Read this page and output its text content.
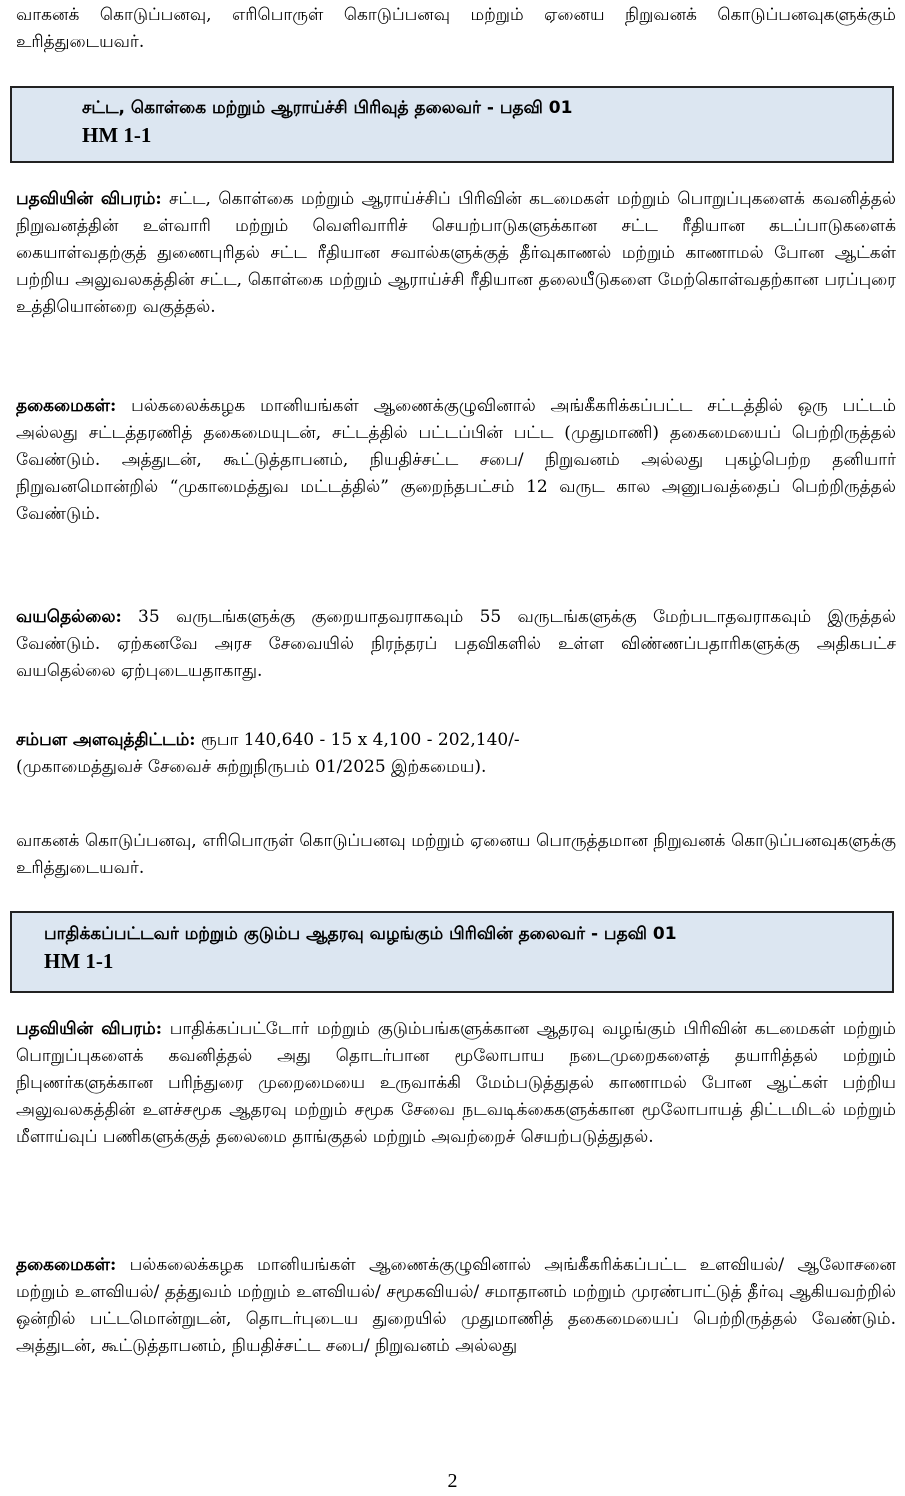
வாகனக் கொடுப்பனவு, எரிபொருள் கொடுப்பனவு மற்றும் ஏனைய நிறுவனக் கொடுப்பனவுகளுக்கும் உரித்துடையவர்.
சட்ட, கொள்கை மற்றும் ஆராய்ச்சி பிரிவுத் தலைவர் - பதவி 01
HM 1-1
பதவியின் விபரம்: சட்ட, கொள்கை மற்றும் ஆராய்ச்சிப் பிரிவின் கடமைகள் மற்றும் பொறுப்புகளைக் கவனித்தல் நிறுவனத்தின் உள்வாரி மற்றும் வெளிவாரிச் செயற்பாடுகளுக்கான சட்ட ரீதியான கடப்பாடுகளைக் கையாள்வதற்குத் துணைபுரிதல் சட்ட ரீதியான சவால்களுக்குத் தீர்வுகாணல் மற்றும் காணாமல் போன ஆட்கள் பற்றிய அலுவலகத்தின் சட்ட, கொள்கை மற்றும் ஆராய்ச்சி ரீதியான தலையீடுகளை மேற்கொள்வதற்கான பரப்புரை உத்தியொன்றை வகுத்தல்.
தகைமைகள்: பல்கலைக்கழக மானியங்கள் ஆணைக்குழுவினால் அங்கீகரிக்கப்பட்ட சட்டத்தில் ஒரு பட்டம் அல்லது சட்டத்தரணித் தகைமையுடன், சட்டத்தில் பட்டப்பின் பட்ட (முதுமாணி) தகைமையைப் பெற்றிருத்தல் வேண்டும். அத்துடன், கூட்டுத்தாபனம், நியதிச்சட்ட சபை/ நிறுவனம் அல்லது புகழ்பெற்ற தனியார் நிறுவனமொன்றில் “முகாமைத்துவ மட்டத்தில்” குறைந்தபட்சம் 12 வருட கால அனுபவத்தைப் பெற்றிருத்தல் வேண்டும்.
வயதெல்லை: 35 வருடங்களுக்கு குறையாதவராகவும் 55 வருடங்களுக்கு மேற்படாதவராகவும் இருத்தல் வேண்டும். ஏற்கனவே அரச சேவையில் நிரந்தரப் பதவிகளில் உள்ள விண்ணப்பதாரிகளுக்கு அதிகபட்ச வயதெல்லை ஏற்புடையதாகாது.
சம்பள அளவுத்திட்டம்: ரூபா 140,640 - 15 x 4,100 - 202,140/-
(முகாமைத்துவச் சேவைச் சுற்றுநிருபம் 01/2025 இற்கமைய).
வாகனக் கொடுப்பனவு, எரிபொருள் கொடுப்பனவு மற்றும் ஏனைய பொருத்தமான நிறுவனக் கொடுப்பனவுகளுக்கு உரித்துடையவர்.
பாதிக்கப்பட்டவர் மற்றும் குடும்ப ஆதரவு வழங்கும் பிரிவின் தலைவர் - பதவி 01
HM 1-1
பதவியின் விபரம்: பாதிக்கப்பட்டோர் மற்றும் குடும்பங்களுக்கான ஆதரவு வழங்கும் பிரிவின் கடமைகள் மற்றும் பொறுப்புகளைக் கவனித்தல் அது தொடர்பான மூலோபாய நடைமுறைகளைத் தயாரித்தல் மற்றும் நிபுணர்களுக்கான பரிந்துரை முறைமையை உருவாக்கி மேம்படுத்துதல் காணாமல் போன ஆட்கள் பற்றிய அலுவலகத்தின் உளச்சமூக ஆதரவு மற்றும் சமூக சேவை நடவடிக்கைகளுக்கான மூலோபாயத் திட்டமிடல் மற்றும் மீளாய்வுப் பணிகளுக்குத் தலைமை தாங்குதல் மற்றும் அவற்றைச் செயற்படுத்துதல்.
தகைமைகள்: பல்கலைக்கழக மானியங்கள் ஆணைக்குழுவினால் அங்கீகரிக்கப்பட்ட உளவியல்/ ஆலோசனை மற்றும் உளவியல்/ தத்துவம் மற்றும் உளவியல்/ சமூகவியல்/ சமாதானம் மற்றும் முரண்பாட்டுத் தீர்வு ஆகியவற்றில் ஒன்றில் பட்டமொன்றுடன், தொடர்புடைய துறையில் முதுமாணித் தகைமையைப் பெற்றிருத்தல் வேண்டும். அத்துடன், கூட்டுத்தாபனம், நியதிச்சட்ட சபை/ நிறுவனம் அல்லது
2
